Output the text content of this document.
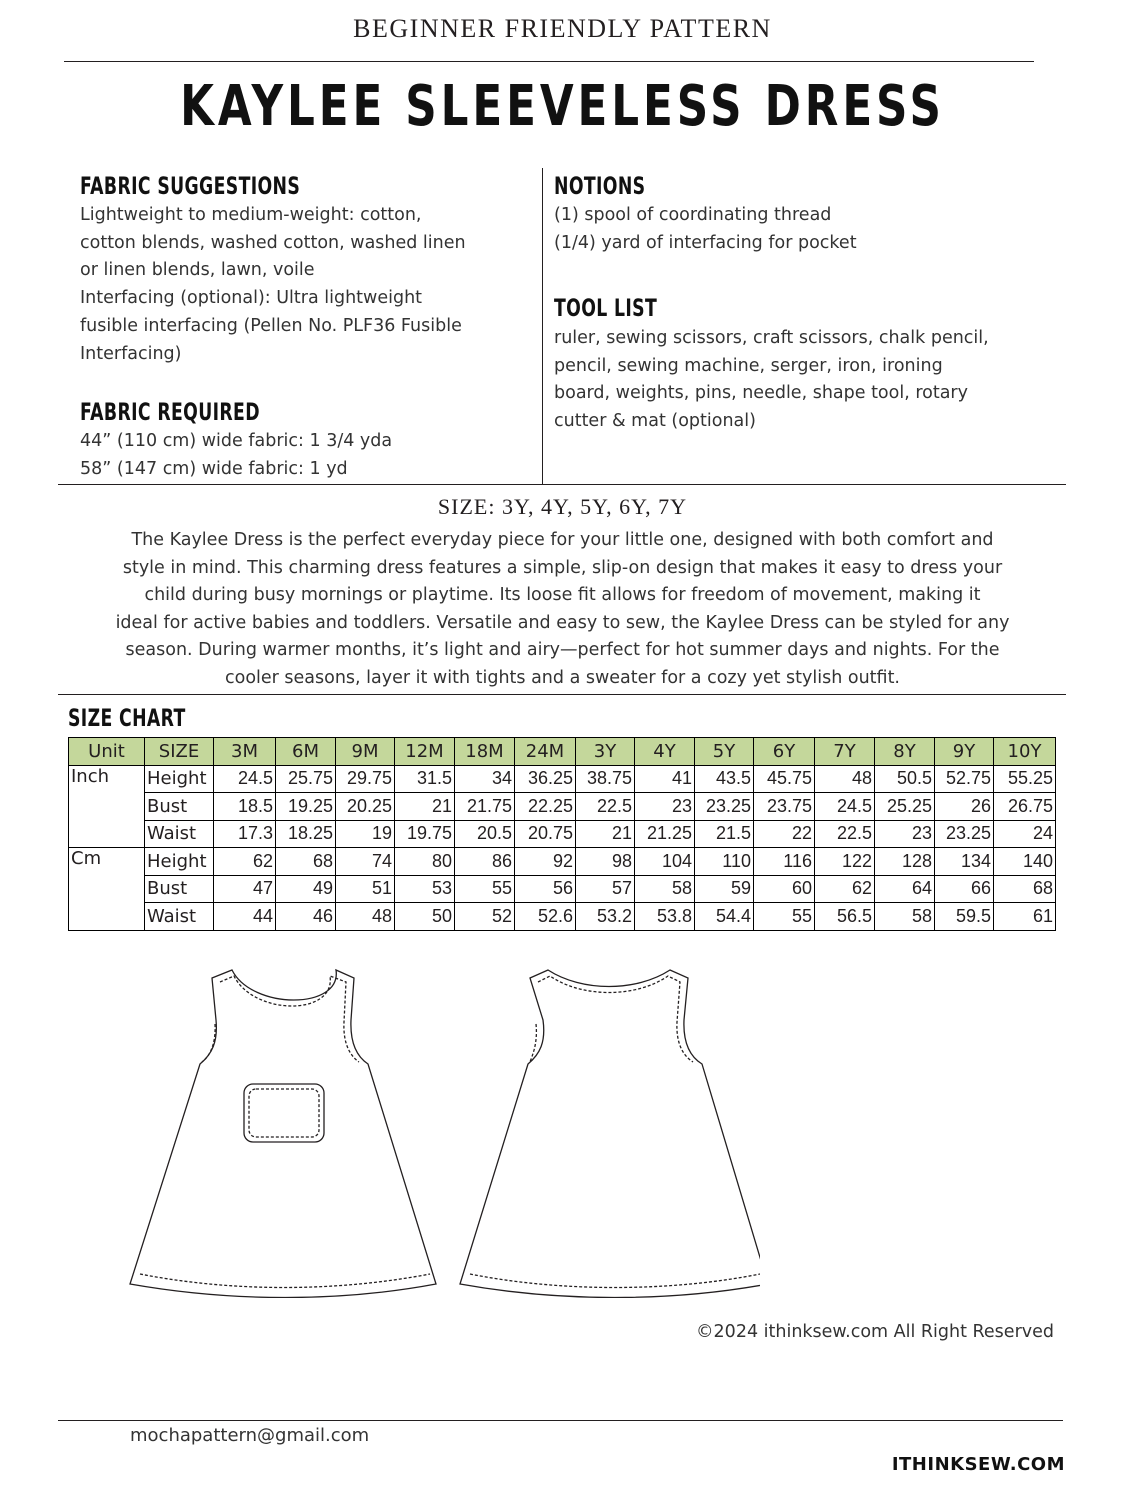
BEGINNER FRIENDLY PATTERN
KAYLEE SLEEVELESS DRESS
FABRIC SUGGESTIONS
Lightweight to medium-weight: cotton,
cotton blends, washed cotton, washed linen
or linen blends, lawn, voile
Interfacing (optional): Ultra lightweight
fusible interfacing (Pellen No. PLF36 Fusible
Interfacing)
FABRIC REQUIRED
44” (110 cm) wide fabric: 1 3/4 yda
58” (147 cm) wide fabric: 1 yd
NOTIONS
(1) spool of coordinating thread
(1/4) yard of interfacing for pocket
TOOL LIST
ruler, sewing scissors, craft scissors, chalk pencil,
pencil, sewing machine, serger, iron, ironing
board, weights, pins, needle, shape tool, rotary
cutter & mat (optional)
SIZE: 3Y, 4Y, 5Y, 6Y, 7Y
The Kaylee Dress is the perfect everyday piece for your little one, designed with both comfort and
style in mind. This charming dress features a simple, slip-on design that makes it easy to dress your
child during busy mornings or playtime. Its loose fit allows for freedom of movement, making it
ideal for active babies and toddlers. Versatile and easy to sew, the Kaylee Dress can be styled for any
season. During warmer months, it’s light and airy—perfect for hot summer days and nights. For the
cooler seasons, layer it with tights and a sweater for a cozy yet stylish outfit.
SIZE CHART
Unit	SIZE	3M	6M	9M	12M	18M	24M	3Y	4Y	5Y	6Y	7Y	8Y	9Y	10Y
Inch	Height	24.5	25.75	29.75	31.5	34	36.25	38.75	41	43.5	45.75	48	50.5	52.75	55.25
	Bust	18.5	19.25	20.25	21	21.75	22.25	22.5	23	23.25	23.75	24.5	25.25	26	26.75
	Waist	17.3	18.25	19	19.75	20.5	20.75	21	21.25	21.5	22	22.5	23	23.25	24
Cm	Height	62	68	74	80	86	92	98	104	110	116	122	128	134	140
	Bust	47	49	51	53	55	56	57	58	59	60	62	64	66	68
	Waist	44	46	48	50	52	52.6	53.2	53.8	54.4	55	56.5	58	59.5	61
©2024 ithinksew.com All Right Reserved
mochapattern@gmail.com
ITHINKSEW.COM
